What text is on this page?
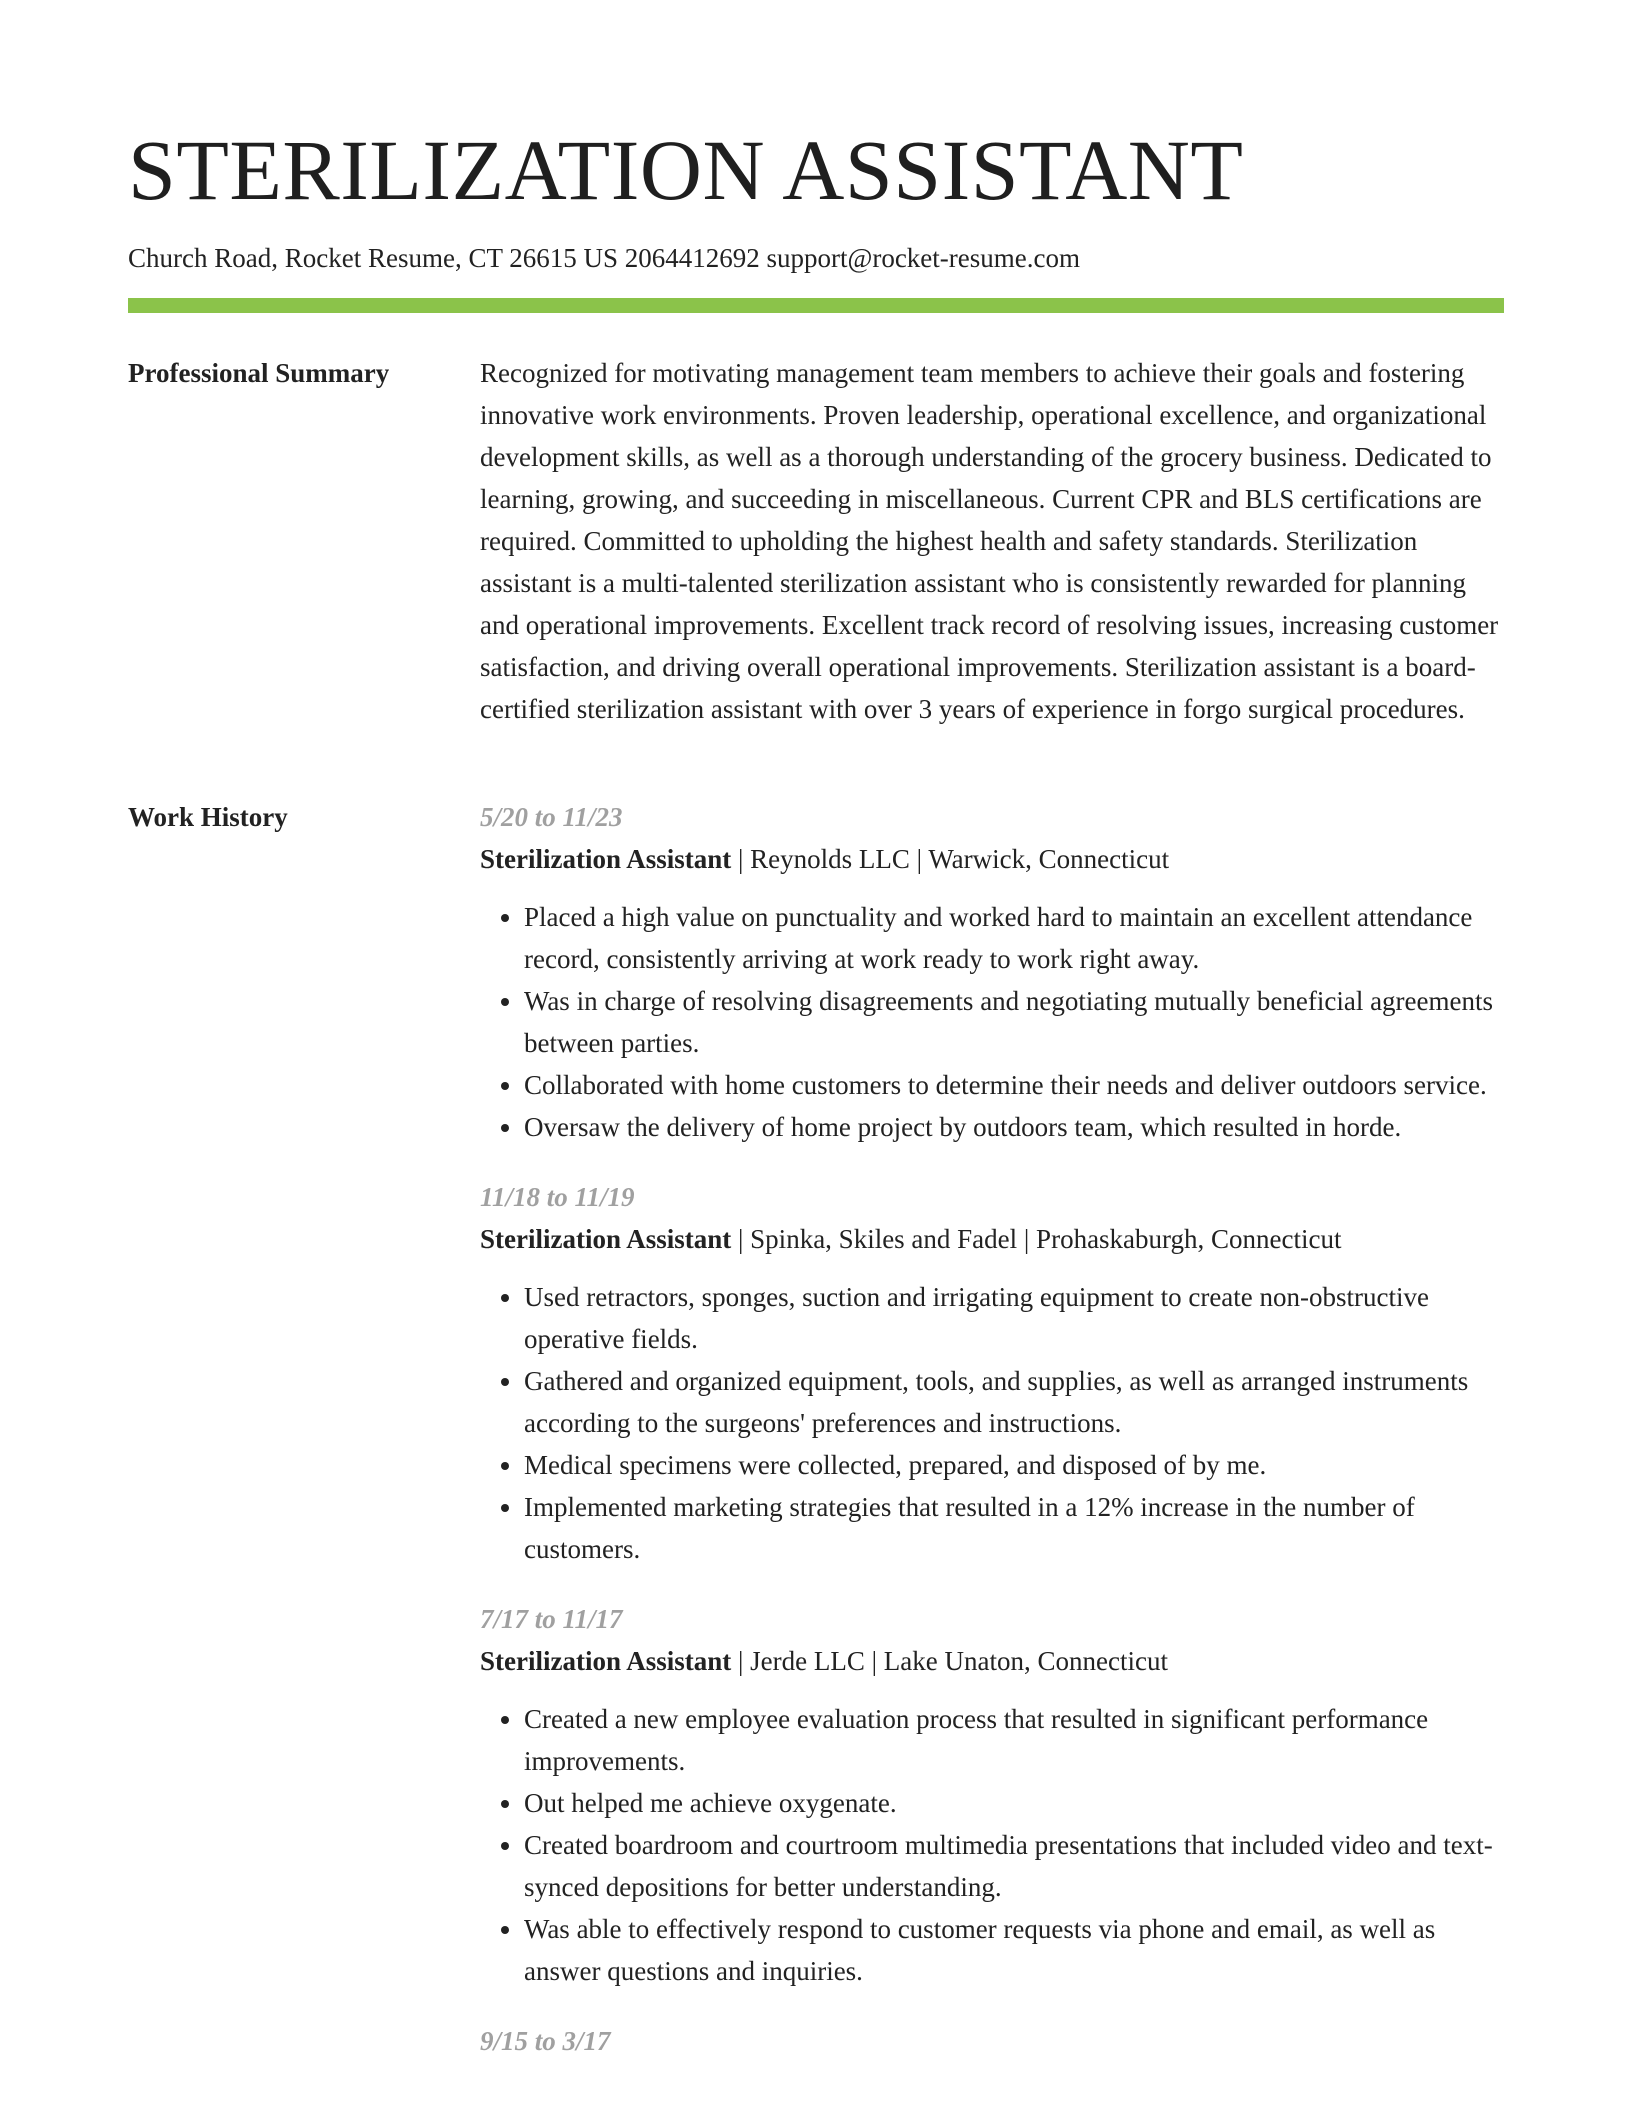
STERILIZATION ASSISTANT
Church Road, Rocket Resume, CT 26615 US 2064412692 support@rocket-resume.com
Professional Summary	Recognized for motivating management team members to achieve their goals and fostering innovative work environments. Proven leadership, operational excellence, and organizational development skills, as well as a thorough understanding of the grocery business. Dedicated to learning, growing, and succeeding in miscellaneous. Current CPR and BLS certifications are required. Committed to upholding the highest health and safety standards. Sterilization assistant is a multi-talented sterilization assistant who is consistently rewarded for planning and operational improvements. Excellent track record of resolving issues, increasing customer satisfaction, and driving overall operational improvements. Sterilization assistant is a board-certified sterilization assistant with over 3 years of experience in forgo surgical procedures.

Work History	5/20 to 11/23
Sterilization Assistant | Reynolds LLC | Warwick, Connecticut
• Placed a high value on punctuality and worked hard to maintain an excellent attendance record, consistently arriving at work ready to work right away.
• Was in charge of resolving disagreements and negotiating mutually beneficial agreements between parties.
• Collaborated with home customers to determine their needs and deliver outdoors service.
• Oversaw the delivery of home project by outdoors team, which resulted in horde.
11/18 to 11/19
Sterilization Assistant | Spinka, Skiles and Fadel | Prohaskaburgh, Connecticut
• Used retractors, sponges, suction and irrigating equipment to create non-obstructive operative fields.
• Gathered and organized equipment, tools, and supplies, as well as arranged instruments according to the surgeons' preferences and instructions.
• Medical specimens were collected, prepared, and disposed of by me.
• Implemented marketing strategies that resulted in a 12% increase in the number of customers.
7/17 to 11/17
Sterilization Assistant | Jerde LLC | Lake Unaton, Connecticut
• Created a new employee evaluation process that resulted in significant performance improvements.
• Out helped me achieve oxygenate.
• Created boardroom and courtroom multimedia presentations that included video and text-synced depositions for better understanding.
• Was able to effectively respond to customer requests via phone and email, as well as answer questions and inquiries.
9/15 to 3/17
